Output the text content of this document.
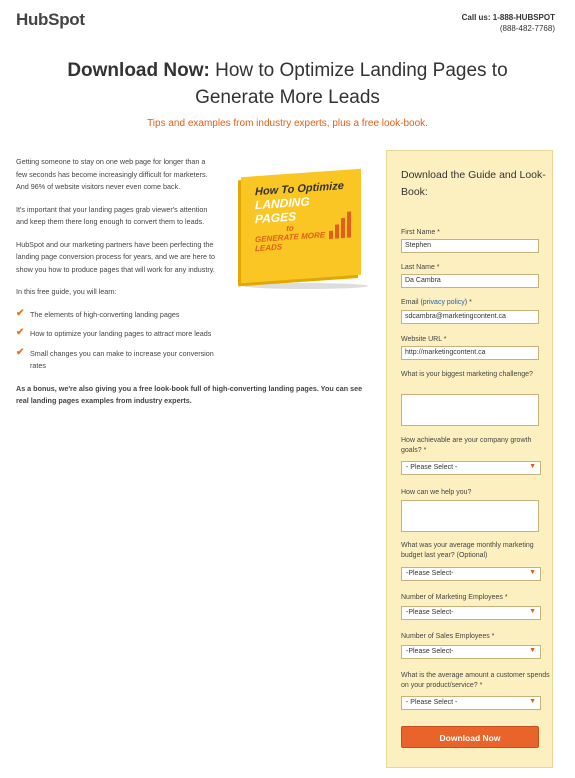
HubSpot	Call us: 1-888-HUBSPOT
(888-482-7768)
Download Now: How to Optimize Landing Pages to
Generate More Leads
Tips and examples from industry experts, plus a free look-book.

Getting someone to stay on one web page for longer than a few seconds has become increasingly difficult for marketers. And 96% of website visitors never even come back.

It's important that your landing pages grab viewer's attention and keep them there long enough to convert them to leads.

HubSpot and our marketing partners have been perfecting the landing page conversion process for years, and we are here to show you how to produce pages that will work for any industry.

In this free guide, you will learn:

✔ The elements of high-converting landing pages
✔ How to optimize your landing pages to attract more leads
✔ Small changes you can make to increase your conversion rates
As a bonus, we're also giving you a free look-book full of high-converting landing pages. You can see real landing pages examples from industry experts.
How To Optimize
LANDING PAGES
to
GENERATE MORE LEADS
Download the Guide and Look-Book:
First Name *
Stephen
Last Name *
Da Cambra
Email (privacy policy) *
sdcambra@marketingcontent.ca
Website URL *
http://marketingcontent.ca
What is your biggest marketing challenge?
How achievable are your company growth goals? *
- Please Select -	▼
How can we help you?
What was your average monthly marketing budget last year? (Optional)
-Please Select-	▼
Number of Marketing Employees *
-Please Select-	▼
Number of Sales Employees *
-Please Select-	▼
What is the average amount a customer spends on your product/service? *
- Please Select -	▼
Download Now
